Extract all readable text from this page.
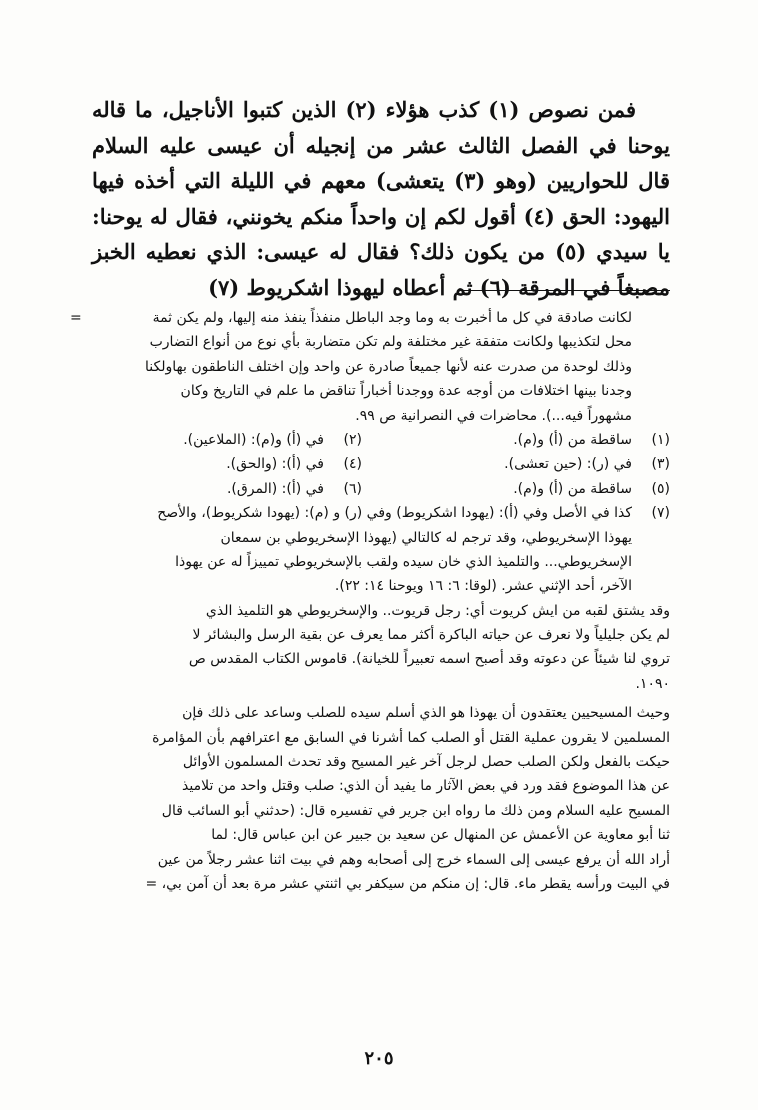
فمن نصوص (١) كذب هؤلاء (٢) الذين كتبوا الأناجيل، ما قاله يوحنا في الفصل الثالث عشر من إنجيله أن عيسى عليه السلام قال للحواريين (وهو (٣) يتعشى) معهم في الليلة التي أخذه فيها اليهود: الحق (٤) أقول لكم إن واحداً منكم يخونني، فقال له يوحنا: يا سيدي (٥) من يكون ذلك؟ فقال له عيسى: الذي نعطيه الخبز مصبغاً في المرقة (٦) ثم أعطاه ليهوذا اشكريوط (٧)

=	لكانت صادقة في كل ما أخبرت به وما وجد الباطل منفذاً ينفذ منه إليها، ولم يكن ثمة
محل لتكذيبها ولكانت متفقة غير مختلفة ولم تكن متضاربة بأي نوع من أنواع التضارب
وذلك لوحدة من صدرت عنه لأنها جميعاً صادرة عن واحد وإن اختلف الناطقون بهاولكنا
وجدنا بينها اختلافات من أوجه عدة ووجدنا أخباراً تناقض ما علم في التاريخ وكان
مشهوراً فيه...). محاضرات في النصرانية ص ٩٩.
(١)
ساقطة من (أ) و(م).
(٢)
في (أ) و(م): (الملاعين).
(٣)
في (ر): (حين تعشى).
(٤)
في (أ): (والحق).
(٥)
ساقطة من (أ) و(م).
(٦)
في (أ): (المرق).
(٧)
كذا في الأصل وفي (أ): (يهودا اشكريوط) وفي (ر) و (م): (يهودا شكريوط)، والأصح
يهوذا الإسخريوطي، وقد ترجم له كالتالي (يهوذا الإسخريوطي بن سمعان
الإسخريوطي... والتلميذ الذي خان سيده ولقب بالإسخريوطي تمييزاً له عن يهوذا
الآخر، أحد الإثني عشر. (لوقا: ٦: ١٦ ويوحنا ١٤: ٢٢).
وقد يشتق لقبه من ايش كريوت أي: رجل قريوت.. والإسخريوطي هو التلميذ الذي
لم يكن جليلياً ولا نعرف عن حياته الباكرة أكثر مما يعرف عن بقية الرسل والبشائر لا
تروي لنا شيئاً عن دعوته وقد أصبح اسمه تعبيراً للخيانة). قاموس الكتاب المقدس ص
١٠٩٠.
وحيث المسيحيين يعتقدون أن يهوذا هو الذي أسلم سيده للصلب وساعد على ذلك فإن
المسلمين لا يقرون عملية القتل أو الصلب كما أشرنا في السابق مع اعترافهم بأن المؤامرة
حيكت بالفعل ولكن الصلب حصل لرجل آخر غير المسيح وقد تحدث المسلمون الأوائل
عن هذا الموضوع فقد ورد في بعض الآثار ما يفيد أن الذي: صلب وقتل واحد من تلاميذ
المسيح عليه السلام ومن ذلك ما رواه ابن جرير في تفسيره قال: (حدثني أبو السائب قال
ثنا أبو معاوية عن الأعمش عن المنهال عن سعيد بن جبير عن ابن عباس قال: لما
أراد الله أن يرفع عيسى إلى السماء خرج إلى أصحابه وهم في بيت اثنا عشر رجلاً من عين
في البيت ورأسه يقطر ماء. قال: إن منكم من سيكفر بي اثنتي عشر مرة بعد أن آمن بي، =
٢٠٥
